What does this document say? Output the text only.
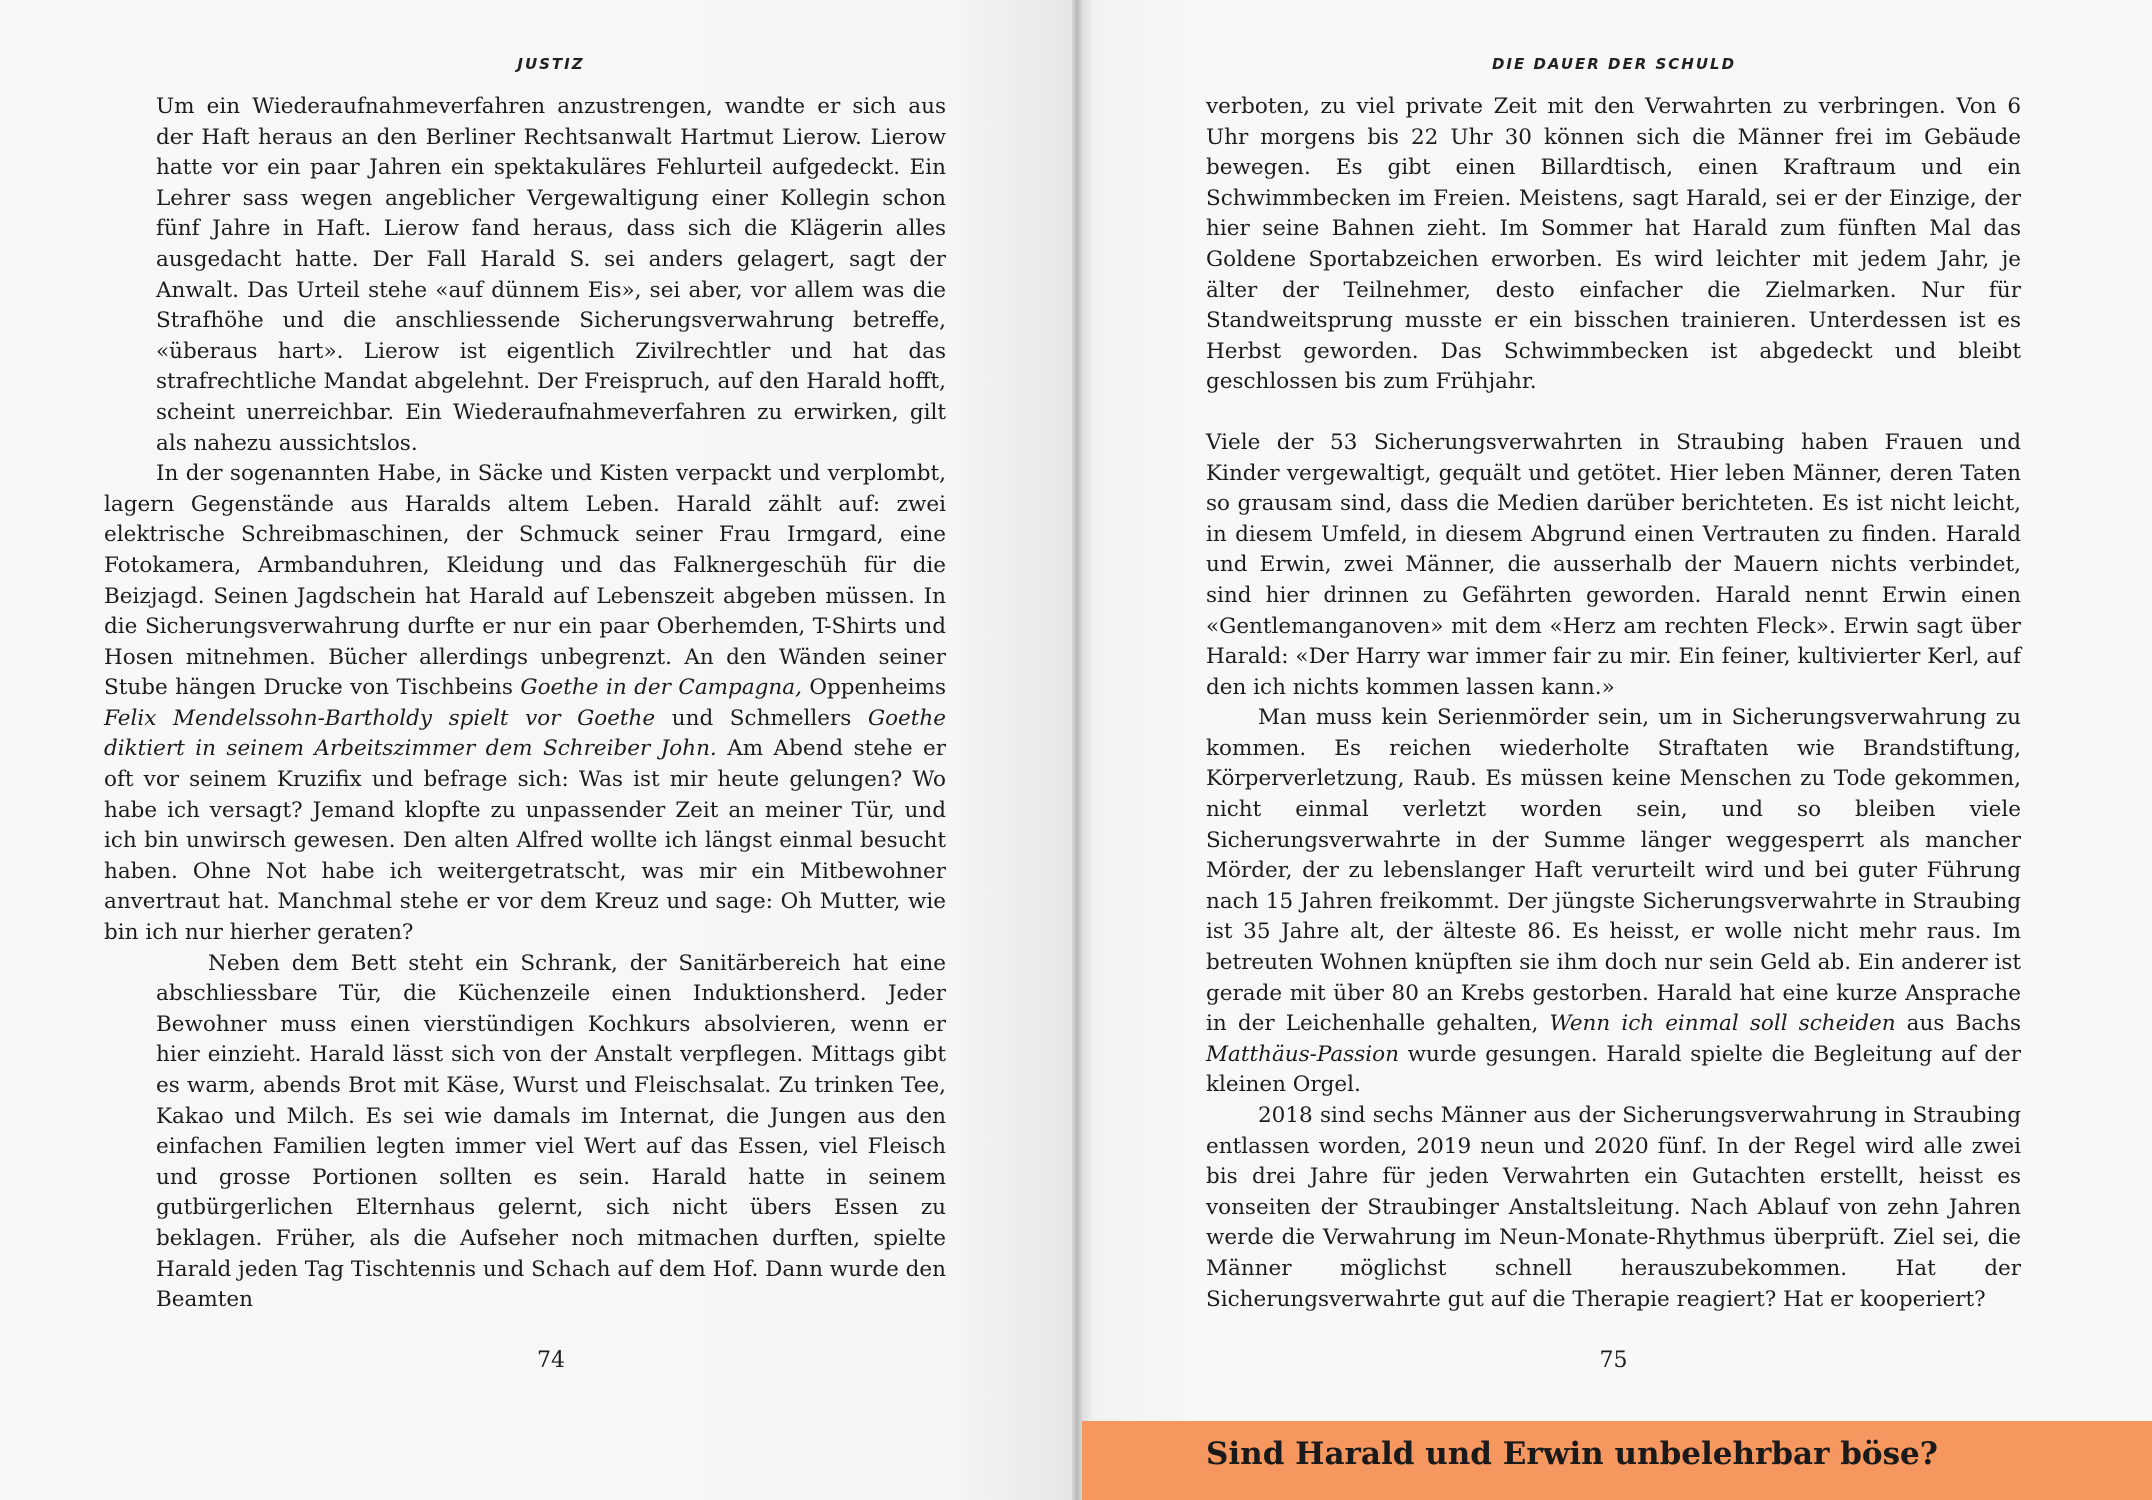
JUSTIZ

Um ein Wiederaufnahmeverfahren anzustrengen, wandte er sich aus der Haft heraus an den Berliner Rechtsanwalt Hartmut Lierow. Lierow hatte vor ein paar Jahren ein spektakuläres Fehlurteil aufgedeckt. Ein Lehrer sass wegen angeblicher Vergewaltigung einer Kollegin schon fünf Jahre in Haft. Lierow fand heraus, dass sich die Klägerin alles ausgedacht hatte. Der Fall Harald S. sei anders gelagert, sagt der Anwalt. Das Urteil stehe «auf dünnem Eis», sei aber, vor allem was die Strafhöhe und die anschliessende Sicherungsverwahrung betreffe, «überaus hart». Lierow ist eigentlich Zivilrechtler und hat das strafrechtliche Mandat abgelehnt. Der Freispruch, auf den Harald hofft, scheint unerreichbar. Ein Wiederaufnahmeverfahren zu erwirken, gilt als nahezu aussichtslos.

In der sogenannten Habe, in Säcke und Kisten verpackt und verplombt, lagern Gegenstände aus Haralds altem Leben. Harald zählt auf: zwei elektrische Schreibmaschinen, der Schmuck seiner Frau Irmgard, eine Fotokamera, Armbanduhren, Kleidung und das Falknergeschüh für die Beizjagd. Seinen Jagdschein hat Harald auf Lebenszeit abgeben müssen. In die Sicherungsverwahrung durfte er nur ein paar Oberhemden, T-Shirts und Hosen mitnehmen. Bücher allerdings unbegrenzt. An den Wänden seiner Stube hängen Drucke von Tischbeins Goethe in der Campagna, Oppenheims Felix Mendelssohn-Bartholdy spielt vor Goethe und Schmellers Goethe diktiert in seinem Arbeitszimmer dem Schreiber John. Am Abend stehe er oft vor seinem Kruzifix und befrage sich: Was ist mir heute gelungen? Wo habe ich versagt? Jemand klopfte zu unpassender Zeit an meiner Tür, und ich bin unwirsch gewesen. Den alten Alfred wollte ich längst einmal besucht haben. Ohne Not habe ich weitergetratscht, was mir ein Mitbewohner anvertraut hat. Manchmal stehe er vor dem Kreuz und sage: Oh Mutter, wie bin ich nur hierher geraten?

Neben dem Bett steht ein Schrank, der Sanitärbereich hat eine abschliessbare Tür, die Küchenzeile einen Induktionsherd. Jeder Bewohner muss einen vierstündigen Kochkurs absolvieren, wenn er hier einzieht. Harald lässt sich von der Anstalt verpflegen. Mittags gibt es warm, abends Brot mit Käse, Wurst und Fleischsalat. Zu trinken Tee, Kakao und Milch. Es sei wie damals im Internat, die Jungen aus den einfachen Familien legten immer viel Wert auf das Essen, viel Fleisch und grosse Portionen sollten es sein. Harald hatte in seinem gutbürgerlichen Elternhaus gelernt, sich nicht übers Essen zu beklagen. Früher, als die Aufseher noch mitmachen durften, spielte Harald jeden Tag Tischtennis und Schach auf dem Hof. Dann wurde den Beamten

74
DIE DAUER DER SCHULD

verboten, zu viel private Zeit mit den Verwahrten zu verbringen. Von 6 Uhr morgens bis 22 Uhr 30 können sich die Männer frei im Gebäude bewegen. Es gibt einen Billardtisch, einen Kraftraum und ein Schwimmbecken im Freien. Meistens, sagt Harald, sei er der Einzige, der hier seine Bahnen zieht. Im Sommer hat Harald zum fünften Mal das Goldene Sportabzeichen erworben. Es wird leichter mit jedem Jahr, je älter der Teilnehmer, desto einfacher die Zielmarken. Nur für Standweitsprung musste er ein bisschen trainieren. Unterdessen ist es Herbst geworden. Das Schwimmbecken ist abgedeckt und bleibt geschlossen bis zum Frühjahr.

Viele der 53 Sicherungsverwahrten in Straubing haben Frauen und Kinder vergewaltigt, gequält und getötet. Hier leben Männer, deren Taten so grausam sind, dass die Medien darüber berichteten. Es ist nicht leicht, in diesem Umfeld, in diesem Abgrund einen Vertrauten zu finden. Harald und Erwin, zwei Männer, die ausserhalb der Mauern nichts verbindet, sind hier drinnen zu Gefährten geworden. Harald nennt Erwin einen «Gentlemanganoven» mit dem «Herz am rechten Fleck». Erwin sagt über Harald: «Der Harry war immer fair zu mir. Ein feiner, kultivierter Kerl, auf den ich nichts kommen lassen kann.»

Man muss kein Serienmörder sein, um in Sicherungsverwahrung zu kommen. Es reichen wiederholte Straftaten wie Brandstiftung, Körperverletzung, Raub. Es müssen keine Menschen zu Tode gekommen, nicht einmal verletzt worden sein, und so bleiben viele Sicherungsverwahrte in der Summe länger weggesperrt als mancher Mörder, der zu lebenslanger Haft verurteilt wird und bei guter Führung nach 15 Jahren freikommt. Der jüngste Sicherungsverwahrte in Straubing ist 35 Jahre alt, der älteste 86. Es heisst, er wolle nicht mehr raus. Im betreuten Wohnen knüpften sie ihm doch nur sein Geld ab. Ein anderer ist gerade mit über 80 an Krebs gestorben. Harald hat eine kurze Ansprache in der Leichenhalle gehalten, Wenn ich einmal soll scheiden aus Bachs Matthäus-Passion wurde gesungen. Harald spielte die Begleitung auf der kleinen Orgel.

2018 sind sechs Männer aus der Sicherungsverwahrung in Straubing entlassen worden, 2019 neun und 2020 fünf. In der Regel wird alle zwei bis drei Jahre für jeden Verwahrten ein Gutachten erstellt, heisst es vonseiten der Straubinger Anstaltsleitung. Nach Ablauf von zehn Jahren werde die Verwahrung im Neun-Monate-Rhythmus überprüft. Ziel sei, die Männer möglichst schnell herauszubekommen. Hat der Sicherungsverwahrte gut auf die Therapie reagiert? Hat er kooperiert?

75
Sind Harald und Erwin unbelehrbar böse?
